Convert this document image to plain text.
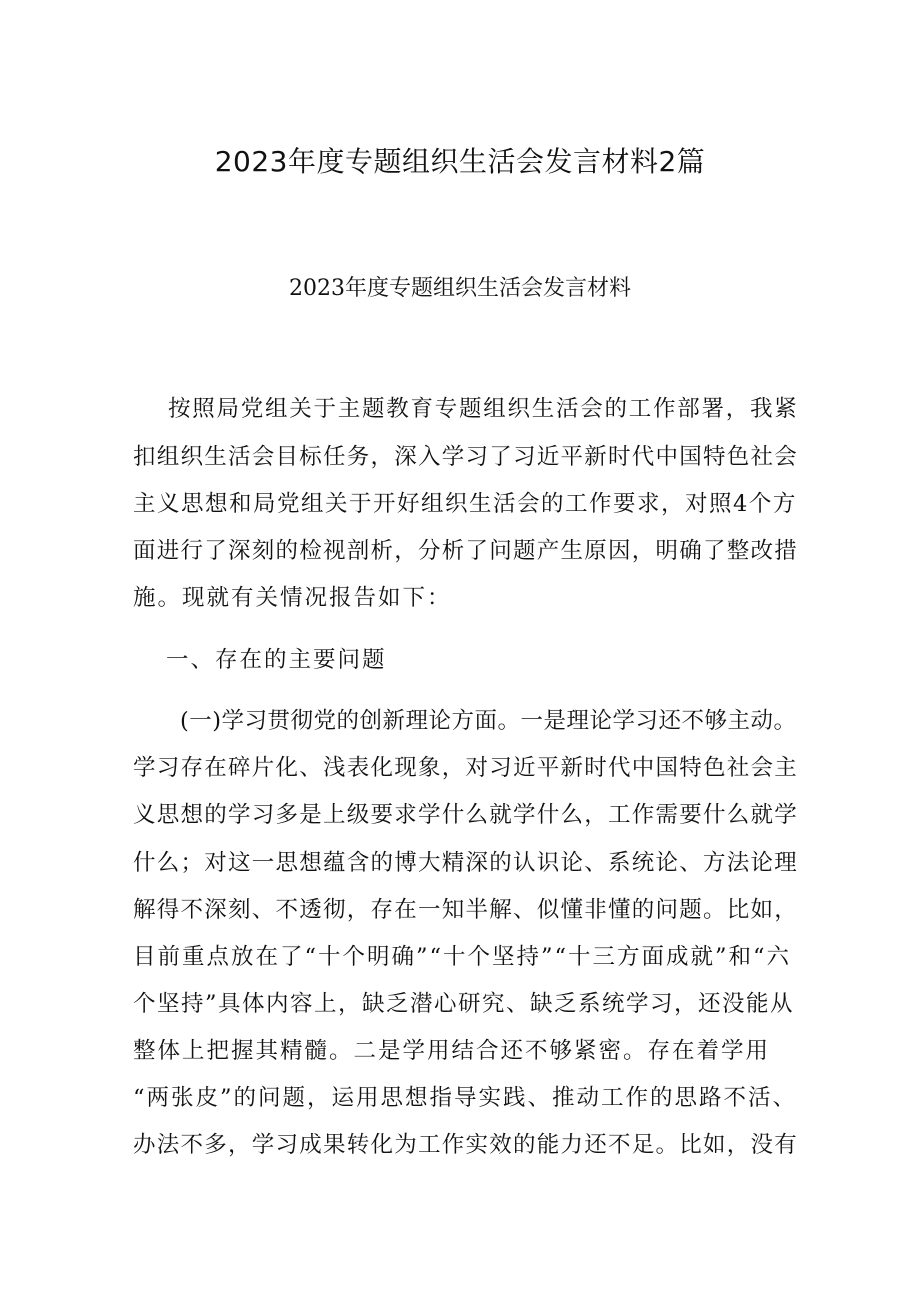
2023年度专题组织生活会发言材料2篇
2023年度专题组织生活会发言材料
按照局党组关于主题教育专题组织生活会的工作部署，我紧
扣组织生活会目标任务，深入学习了习近平新时代中国特色社会
主义思想和局党组关于开好组织生活会的工作要求，对照4个方
面进行了深刻的检视剖析，分析了问题产生原因，明确了整改措
施。现就有关情况报告如下：
一、存在的主要问题
(一)学习贯彻党的创新理论方面。一是理论学习还不够主动。
学习存在碎片化、浅表化现象，对习近平新时代中国特色社会主
义思想的学习多是上级要求学什么就学什么，工作需要什么就学
什么；对这一思想蕴含的博大精深的认识论、系统论、方法论理
解得不深刻、不透彻，存在一知半解、似懂非懂的问题。比如，
目前重点放在了“十个明确”“十个坚持”“十三方面成就”和“六
个坚持”具体内容上，缺乏潜心研究、缺乏系统学习，还没能从
整体上把握其精髓。二是学用结合还不够紧密。存在着学用
“两张皮”的问题，运用思想指导实践、推动工作的思路不活、
办法不多，学习成果转化为工作实效的能力还不足。比如，没有
